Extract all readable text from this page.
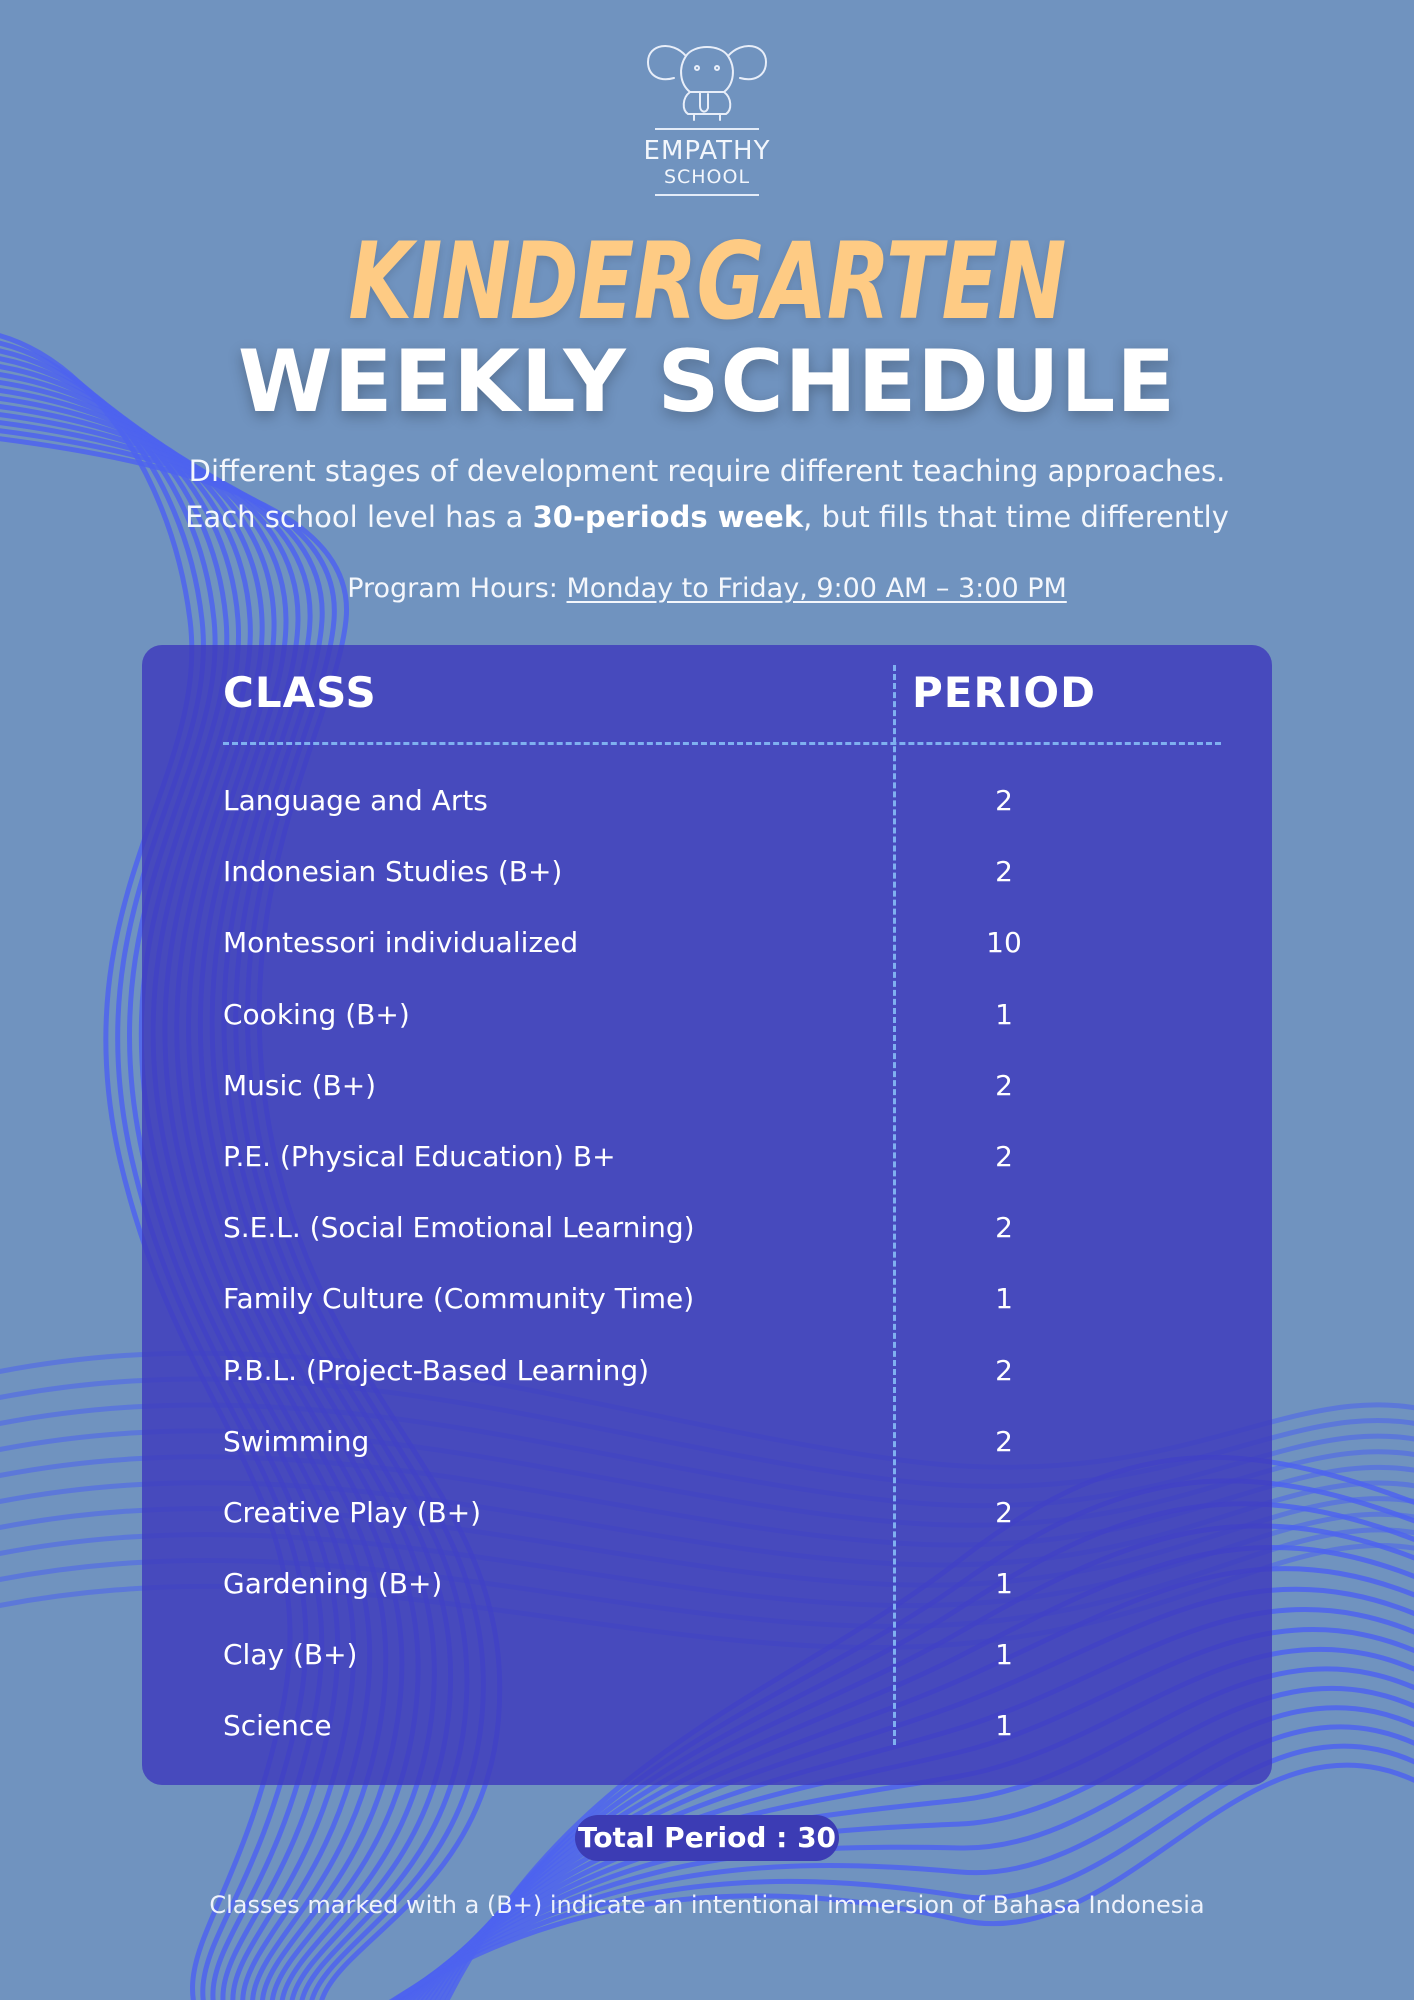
EMPATHY
SCHOOL
KINDERGARTEN
WEEKLY SCHEDULE
Different stages of development require different teaching approaches.
Each school level has a 30-periods week, but fills that time differently
Program Hours: Monday to Friday, 9:00 AM – 3:00 PM
CLASS	PERIOD
Language and Arts	2
Indonesian Studies (B+)	2
Montessori individualized	10
Cooking (B+)	1
Music (B+)	2
P.E. (Physical Education) B+	2
S.E.L. (Social Emotional Learning)	2
Family Culture (Community Time)	1
P.B.L. (Project-Based Learning)	2
Swimming	2
Creative Play (B+)	2
Gardening (B+)	1
Clay (B+)	1
Science	1
Total Period : 30
Classes marked with a (B+) indicate an intentional immersion of Bahasa Indonesia
